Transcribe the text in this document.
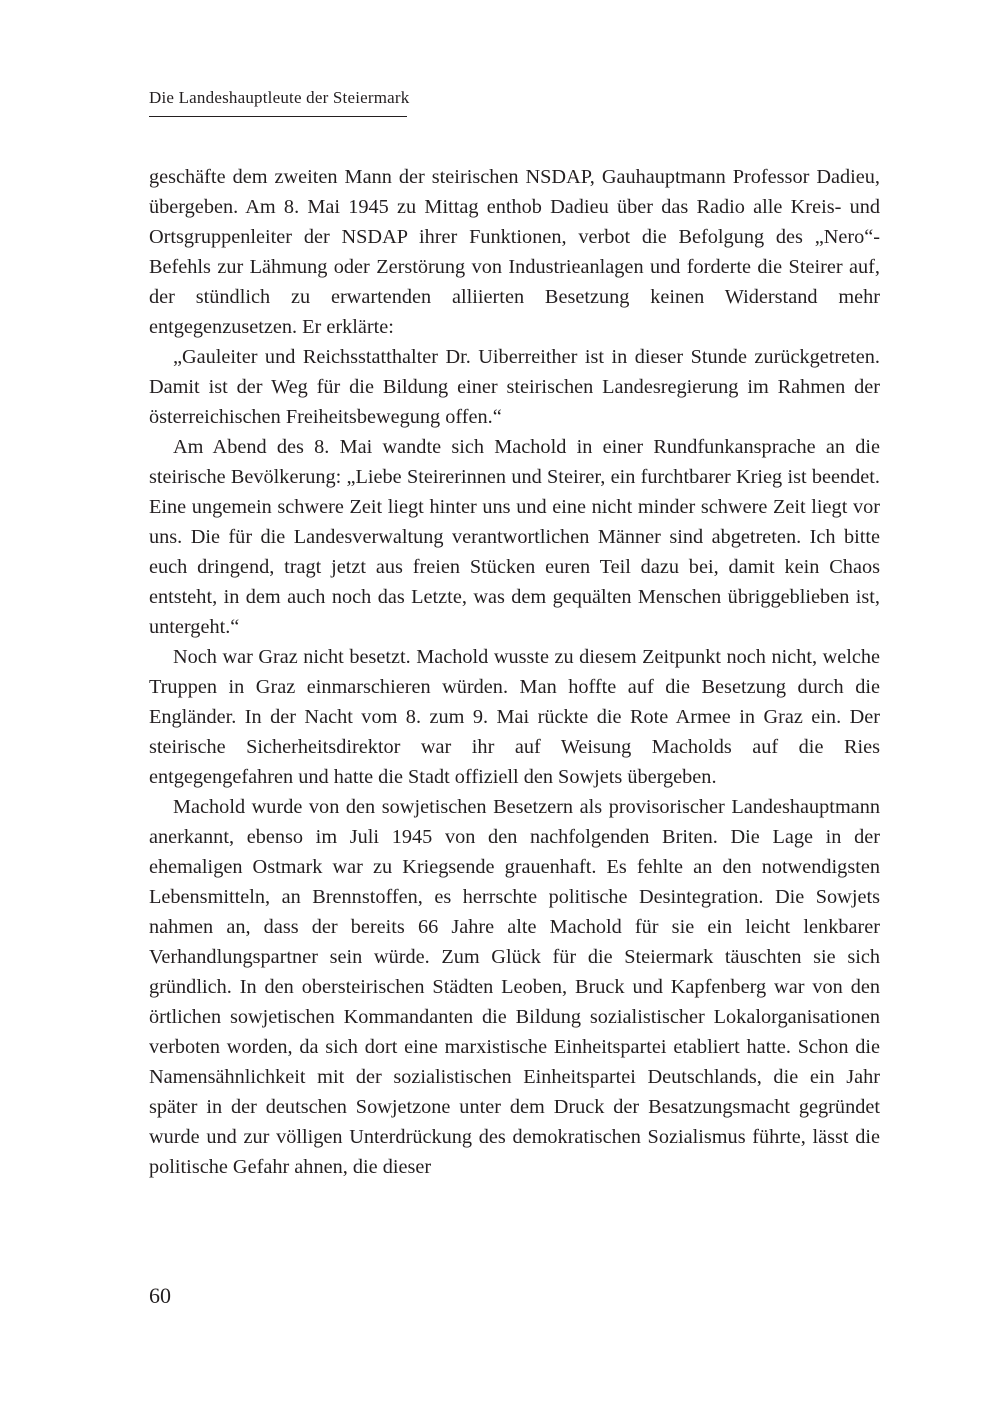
Die Landeshauptleute der Steiermark

geschäfte dem zweiten Mann der steirischen NSDAP, Gauhauptmann Professor Dadieu, übergeben. Am 8. Mai 1945 zu Mittag enthob Dadieu über das Radio alle Kreis- und Ortsgruppenleiter der NSDAP ihrer Funktionen, verbot die Befolgung des „Nero“-Befehls zur Lähmung oder Zerstörung von Industrieanlagen und forderte die Steirer auf, der stündlich zu erwartenden alliierten Besetzung keinen Widerstand mehr entgegenzusetzen. Er erklärte:

„Gauleiter und Reichsstatthalter Dr. Uiberreither ist in dieser Stunde zurückgetreten. Damit ist der Weg für die Bildung einer steirischen Landesregierung im Rahmen der österreichischen Freiheitsbewegung offen.“

Am Abend des 8. Mai wandte sich Machold in einer Rundfunkansprache an die steirische Bevölkerung: „Liebe Steirerinnen und Steirer, ein furchtbarer Krieg ist beendet. Eine ungemein schwere Zeit liegt hinter uns und eine nicht minder schwere Zeit liegt vor uns. Die für die Landesverwaltung verantwortlichen Männer sind abgetreten. Ich bitte euch dringend, tragt jetzt aus freien Stücken euren Teil dazu bei, damit kein Chaos entsteht, in dem auch noch das Letzte, was dem gequälten Menschen übriggeblieben ist, untergeht.“

Noch war Graz nicht besetzt. Machold wusste zu diesem Zeitpunkt noch nicht, welche Truppen in Graz einmarschieren würden. Man hoffte auf die Besetzung durch die Engländer. In der Nacht vom 8. zum 9. Mai rückte die Rote Armee in Graz ein. Der steirische Sicherheitsdirektor war ihr auf Weisung Macholds auf die Ries entgegengefahren und hatte die Stadt offiziell den Sowjets übergeben.

Machold wurde von den sowjetischen Besetzern als provisorischer Landeshauptmann anerkannt, ebenso im Juli 1945 von den nachfolgenden Briten. Die Lage in der ehemaligen Ostmark war zu Kriegsende grauenhaft. Es fehlte an den notwendigsten Lebensmitteln, an Brennstoffen, es herrschte politische Desintegration. Die Sowjets nahmen an, dass der bereits 66 Jahre alte Machold für sie ein leicht lenkbarer Verhandlungspartner sein würde. Zum Glück für die Steiermark täuschten sie sich gründlich. In den obersteirischen Städten Leoben, Bruck und Kapfenberg war von den örtlichen sowjetischen Kommandanten die Bildung sozialistischer Lokalorganisationen verboten worden, da sich dort eine marxistische Einheitspartei etabliert hatte. Schon die Namensähnlichkeit mit der sozialistischen Einheitspartei Deutschlands, die ein Jahr später in der deutschen Sowjetzone unter dem Druck der Besatzungsmacht gegründet wurde und zur völligen Unterdrückung des demokratischen Sozialismus führte, lässt die politische Gefahr ahnen, die dieser

60
